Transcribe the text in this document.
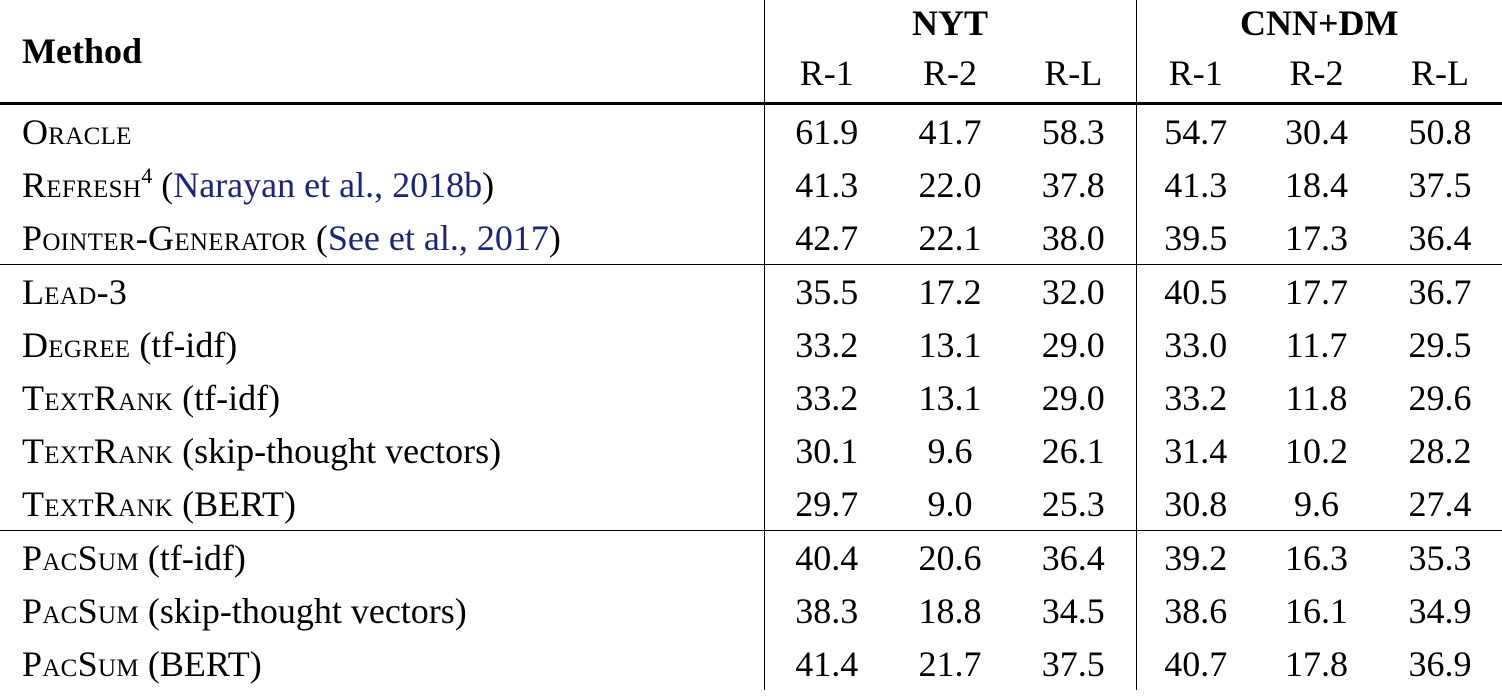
Method	NYT			CNN+DM		
	R-1	R-2	R-L	R-1	R-2	R-L
Oracle	61.9	41.7	58.3	54.7	30.4	50.8
Refresh$^4$ (Narayan et al., 2018b)	41.3	22.0	37.8	41.3	18.4	37.5
Pointer-Generator (See et al., 2017)	42.7	22.1	38.0	39.5	17.3	36.4
Lead-3	35.5	17.2	32.0	40.5	17.7	36.7
Degree (tf-idf)	33.2	13.1	29.0	33.0	11.7	29.5
TextRank (tf-idf)	33.2	13.1	29.0	33.2	11.8	29.6
TextRank (skip-thought vectors)	30.1	9.6	26.1	31.4	10.2	28.2
TextRank (BERT)	29.7	9.0	25.3	30.8	9.6	27.4
PacSum (tf-idf)	40.4	20.6	36.4	39.2	16.3	35.3
PacSum (skip-thought vectors)	38.3	18.8	34.5	38.6	16.1	34.9
PacSum (BERT)	41.4	21.7	37.5	40.7	17.8	36.9
